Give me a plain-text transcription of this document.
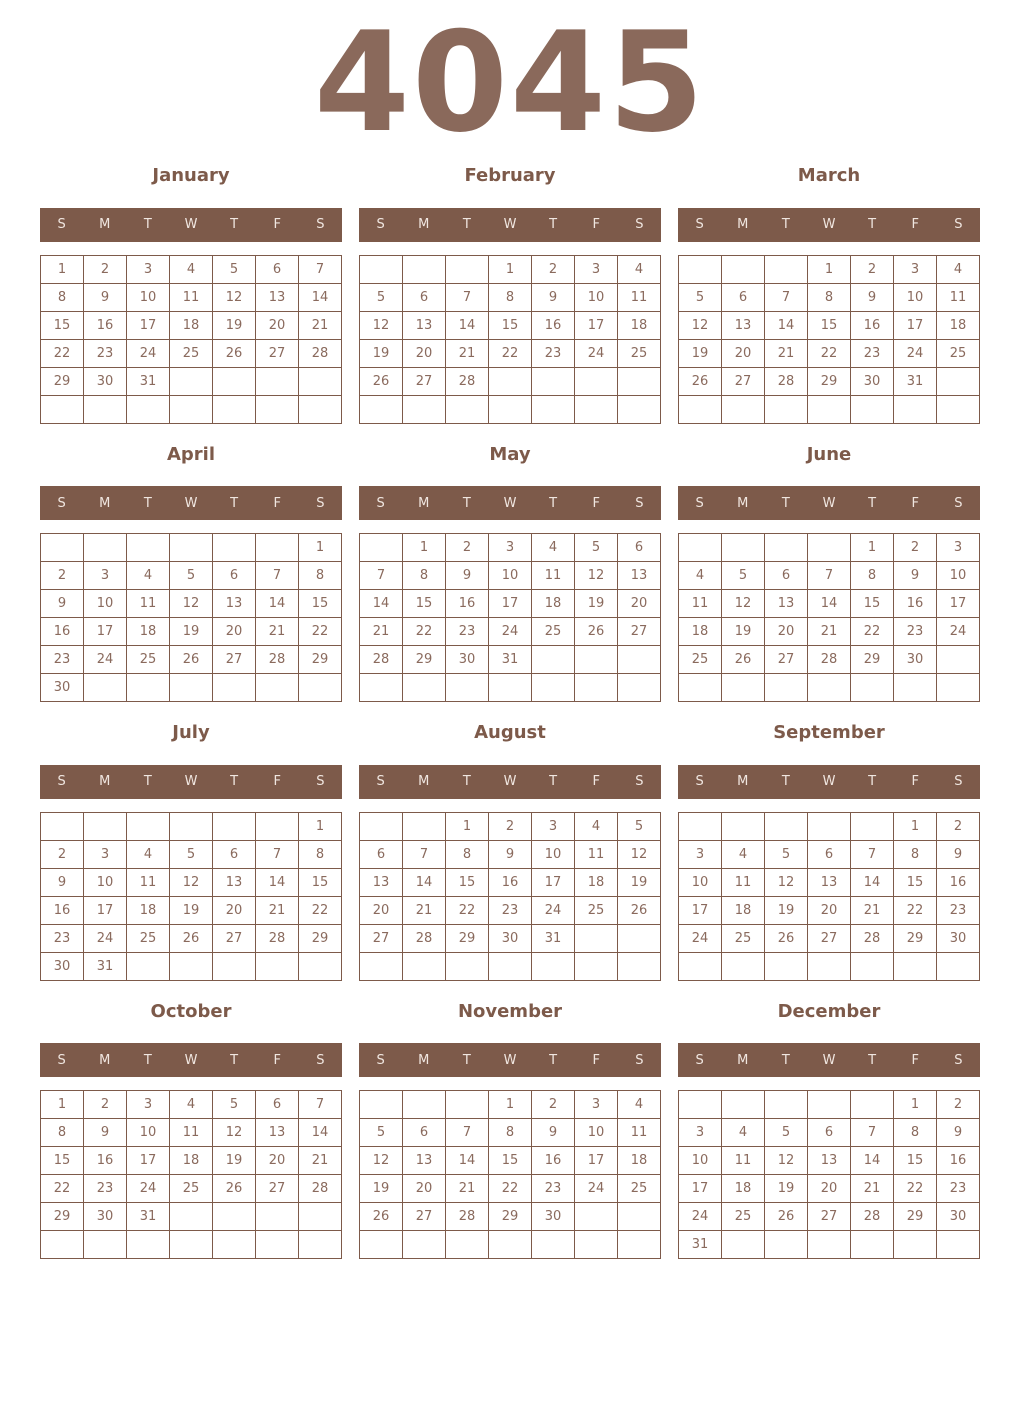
4045
January
S	M	T	W	T	F	S
1	2	3	4	5	6	7
8	9	10	11	12	13	14
15	16	17	18	19	20	21
22	23	24	25	26	27	28
29	30	31				

February
S	M	T	W	T	F	S
			1	2	3	4
5	6	7	8	9	10	11
12	13	14	15	16	17	18
19	20	21	22	23	24	25
26	27	28				

March
S	M	T	W	T	F	S
			1	2	3	4
5	6	7	8	9	10	11
12	13	14	15	16	17	18
19	20	21	22	23	24	25
26	27	28	29	30	31	

April
S	M	T	W	T	F	S
						1
2	3	4	5	6	7	8
9	10	11	12	13	14	15
16	17	18	19	20	21	22
23	24	25	26	27	28	29
30						
May
S	M	T	W	T	F	S
	1	2	3	4	5	6
7	8	9	10	11	12	13
14	15	16	17	18	19	20
21	22	23	24	25	26	27
28	29	30	31			

June
S	M	T	W	T	F	S
				1	2	3
4	5	6	7	8	9	10
11	12	13	14	15	16	17
18	19	20	21	22	23	24
25	26	27	28	29	30	

July
S	M	T	W	T	F	S
						1
2	3	4	5	6	7	8
9	10	11	12	13	14	15
16	17	18	19	20	21	22
23	24	25	26	27	28	29
30	31					
August
S	M	T	W	T	F	S
		1	2	3	4	5
6	7	8	9	10	11	12
13	14	15	16	17	18	19
20	21	22	23	24	25	26
27	28	29	30	31		

September
S	M	T	W	T	F	S
					1	2
3	4	5	6	7	8	9
10	11	12	13	14	15	16
17	18	19	20	21	22	23
24	25	26	27	28	29	30

October
S	M	T	W	T	F	S
1	2	3	4	5	6	7
8	9	10	11	12	13	14
15	16	17	18	19	20	21
22	23	24	25	26	27	28
29	30	31				

November
S	M	T	W	T	F	S
			1	2	3	4
5	6	7	8	9	10	11
12	13	14	15	16	17	18
19	20	21	22	23	24	25
26	27	28	29	30		

December
S	M	T	W	T	F	S
					1	2
3	4	5	6	7	8	9
10	11	12	13	14	15	16
17	18	19	20	21	22	23
24	25	26	27	28	29	30
31						
